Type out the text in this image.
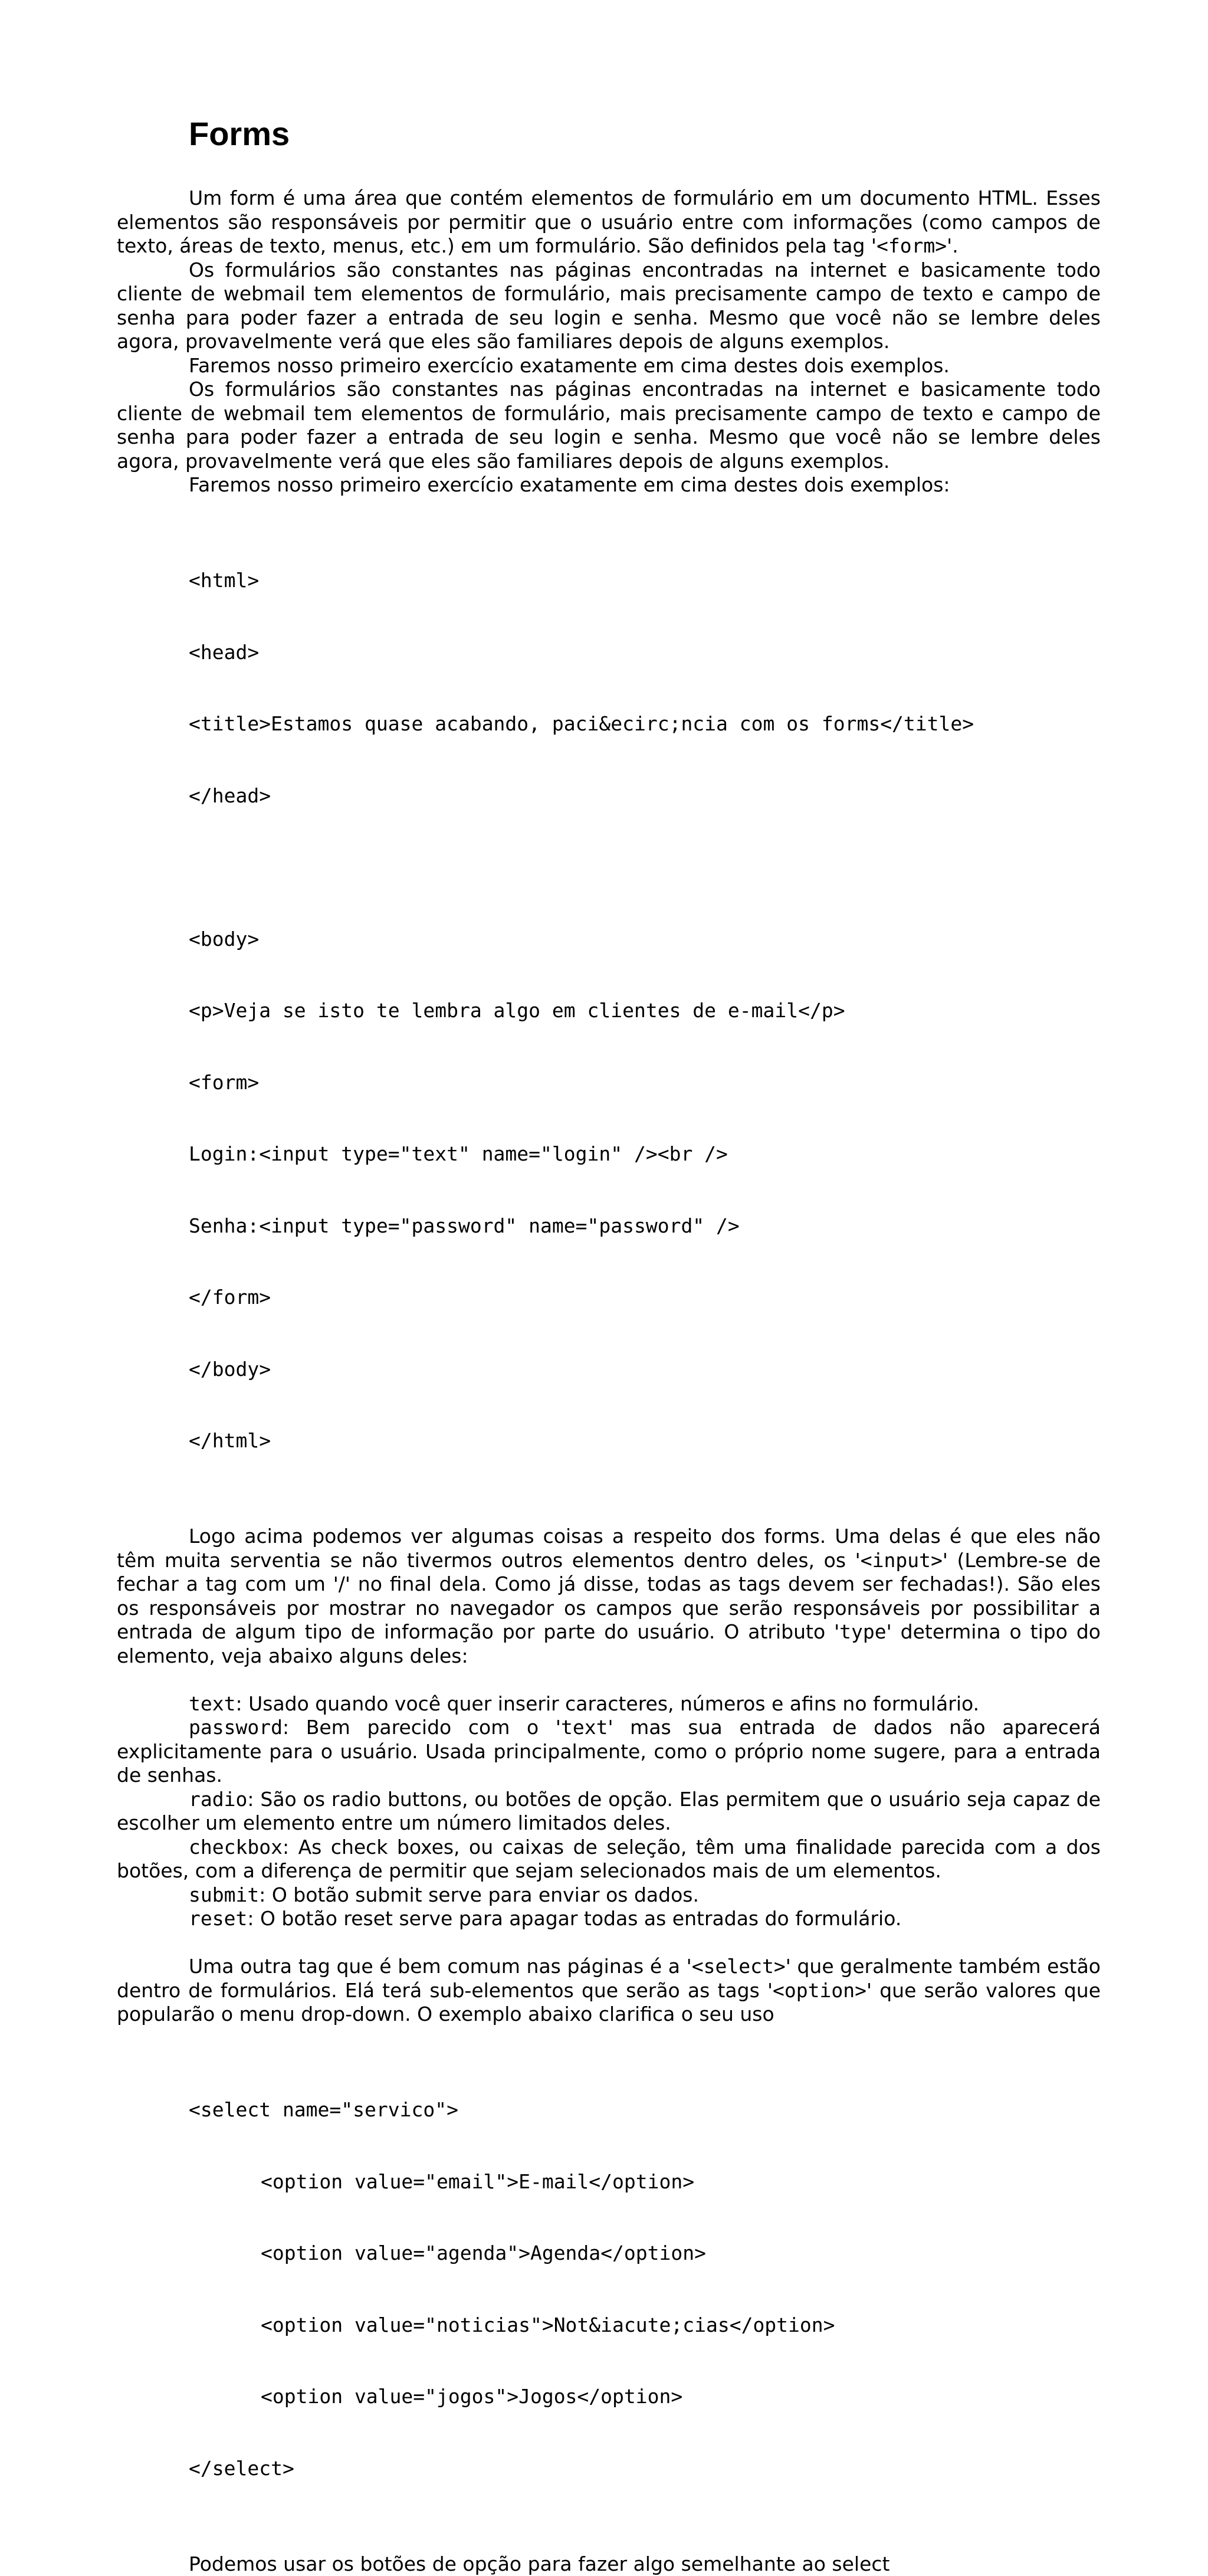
Forms

Um form é uma área que contém elementos de formulário em um documento HTML. Esses elementos são responsáveis por permitir que o usuário entre com informações (como campos de texto, áreas de texto, menus, etc.) em um formulário. São definidos pela tag '<form>'.

Os formulários são constantes nas páginas encontradas na internet e basicamente todo cliente de webmail tem elementos de formulário, mais precisamente campo de texto e campo de senha para poder fazer a entrada de seu login e senha. Mesmo que você não se lembre deles agora, provavelmente verá que eles são familiares depois de alguns exemplos.

Faremos nosso primeiro exercício exatamente em cima destes dois exemplos.

Os formulários são constantes nas páginas encontradas na internet e basicamente todo cliente de webmail tem elementos de formulário, mais precisamente campo de texto e campo de senha para poder fazer a entrada de seu login e senha. Mesmo que você não se lembre deles agora, provavelmente verá que eles são familiares depois de alguns exemplos.

Faremos nosso primeiro exercício exatamente em cima destes dois exemplos:

<html>

<head>

<title>Estamos quase acabando, paci&ecirc;ncia com os forms</title>

</head>

<body>

<p>Veja se isto te lembra algo em clientes de e-mail</p>

<form>

Login:<input type="text" name="login" /><br />

Senha:<input type="password" name="password" />

</form>

</body>

</html>

Logo acima podemos ver algumas coisas a respeito dos forms. Uma delas é que eles não têm muita serventia se não tivermos outros elementos dentro deles, os '<input>' (Lembre-se de fechar a tag com um '/' no final dela. Como já disse, todas as tags devem ser fechadas!). São eles os responsáveis por mostrar no navegador os campos que serão responsáveis por possibilitar a entrada de algum tipo de informação por parte do usuário. O atributo 'type' determina o tipo do elemento, veja abaixo alguns deles:

text: Usado quando você quer inserir caracteres, números e afins no formulário.

password: Bem parecido com o 'text' mas sua entrada de dados não aparecerá explicitamente para o usuário. Usada principalmente, como o próprio nome sugere, para a entrada de senhas.

radio: São os radio buttons, ou botões de opção. Elas permitem que o usuário seja capaz de escolher um elemento entre um número limitados deles.

checkbox: As check boxes, ou caixas de seleção, têm uma finalidade parecida com a dos botões, com a diferença de permitir que sejam selecionados mais de um elementos.

submit: O botão submit serve para enviar os dados.

reset: O botão reset serve para apagar todas as entradas do formulário.

Uma outra tag que é bem comum nas páginas é a '<select>' que geralmente também estão dentro de formulários. Elá terá sub-elementos que serão as tags '<option>' que serão valores que popularão o menu drop-down. O exemplo abaixo clarifica o seu uso

<select name="servico">

<option value="email">E-mail</option>

<option value="agenda">Agenda</option>

<option value="noticias">Not&iacute;cias</option>

<option value="jogos">Jogos</option>

</select>

Podemos usar os botões de opção para fazer algo semelhante ao select
